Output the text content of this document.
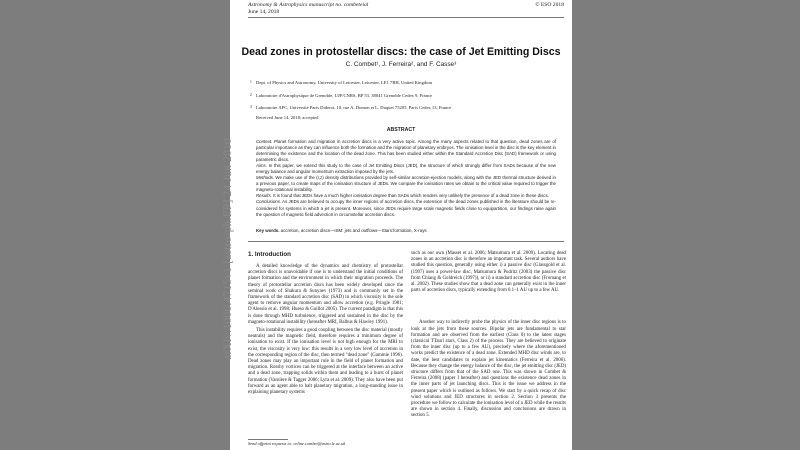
Astronomy & Astrophysics manuscript no. combeteial
June 14, 2018
© ESO 2018
Dead zones in protostellar discs: the case of Jet Emitting Discs
C. Combet¹, J. Ferreira², and F. Casse³
1 Dept. of Physics and Astronomy, University of Leicester, Leicester, LE1 7RH, United Kingdom
2 Laboratoire d'Astrophysique de Grenoble, UJF/CNRS, BP 53, 38041 Grenoble Cedex 9, France
3 Laboratoire APC, Université Paris Diderot, 10, rue A. Domon et L. Duquet 75205, Paris Cedex 13, France
Received June 14, 2018; accepted
ABSTRACT

Context. Planet formation and migration in accretion discs is a very active topic. Among the many aspects related to that question, dead zones are of particular importance as they can influence both the formation and the migration of planetary embryos. The ionisation level in the disc is the key element in determining the existence and the location of the dead zone. This has been studied either within the Standard Accretion Disc (SAD) framework or using parametric discs.

Aims. In this paper, we extend this study to the case of Jet Emitting Discs (JED), the structure of which strongly differ from SADs because of the new energy balance and angular momentum extraction imposed by the jets.

Methods. We make use of the (r,z) density distributions provided by self-similar accretion-ejection models, along with the JED thermal structure derived in a previous paper, to create maps of the ionisation structure of JEDs. We compare the ionisation rates we obtain to the critical value required to trigger the magneto-rotational instability.

Results. It is found that JEDs have a much higher ionisation degree than SADs which renders very unlikely the presence of a dead zone in these discs.

Conclusions. As JEDs are believed to occupy the inner regions of accretion discs, the extension of the dead zones published in the literature should be re-considered for systems in which a jet is present. Moreover, since JEDs require large scale magnetic fields close to equipartition, our findings raise again the question of magnetic field advection in circumstellar accretion discs.

Key words. accretion, accretion discs—ISM: jets and outflows—Stars:formation, X-rays
1. Introduction

A detailed knowledge of the dynamics and chemistry of protostellar accretion discs is unavoidable if one is to understand the initial conditions of planet formation and the environment in which their migration proceeds. The theory of protostellar accretion discs has been widely developed since the seminal work of Shakura & Sunyaev (1973) and is commonly set in the framework of the standard accretion disc (SAD) in which viscosity is the sole agent to remove angular momentum and allow accretion (e.g. Pringle 1981; D'Alessio et al. 1998; Hueso & Guillot 2005). The current paradigm is that this is done through MHD turbulence, triggered and sustained in the disc by the magneto-rotational instability (hereafter MRI, Balbus & Hawley 1991).

This instability requires a good coupling between the disc material (mostly neutrals) and the magnetic field, therefore requires a minimum degree of ionisation to exist. If the ionisation level is not high enough for the MRI to exist, the viscosity is very low: this results in a very low level of accretion in the corresponding region of the disc, then termed "dead zone" (Gammie 1996). Dead zones may play an important role in the field of planet formation and migration. Rossby vortices can be triggered at the interface between an active and a dead zone, trapping solids within them and leading to a burst of planet formation (Varnière & Tagger 2006; Lyra et al. 2009). They also have been put forward as an agent able to halt planetary migration, a long-standing issue in explaining planetary systems

such as our own (Masset et al. 2006; Matsumura et al. 2009). Locating dead zones in an accretion disc is therefore an important task. Several authors have studied this question, generally using either i) a passive disc (Glassgold et al. (1997) uses a power-law disc, Matsumura & Pudritz (2003) the passive disc from Chiang & Goldreich (1997)), or ii) a standard accretion disc (Fromang et al. 2002). These studies show that a dead zone can generally exist in the inner parts of accretion discs, typically extending from 0.1–1 AU up to a few AU.

Another way to indirectly probe the physics of the inner disc regions is to look at the jets from these sources. Bipolar jets are fundamental to star formation and are observed from the earliest (Class 0) to the latest stages (classical TTauri stars, Class 2) of the process. They are believed to originate from the inner disc (up to a few AU), precisely where the aforementioned works predict the existence of a dead zone. Extended MHD disc winds are, to date, the best candidates to explain jet kinematics (Ferreira et al. 2006). Because they change the energy balance of the disc, the jet emitting disc (JED) structure differs from that of the SAD one. This was shown in Combet & Ferreira (2008) (paper I hereafter) and questions the existence dead zones in the inner parts of jet launching discs. This is the issue we address in the present paper which is outlined as follows. We start by a quick recap of disc wind solutions and JED structures in section 2. Section 3 presents the procedure we follow to calculate the ionisation level of a JED while the results are shown in section 4. Finally, discussion and conclusions are drawn in section 5.

Send offprint requests to: celine.combet@astro.le.ac.uk
arXiv:1006.4715v1 [astro-ph.EP] 24 Jun 2010
